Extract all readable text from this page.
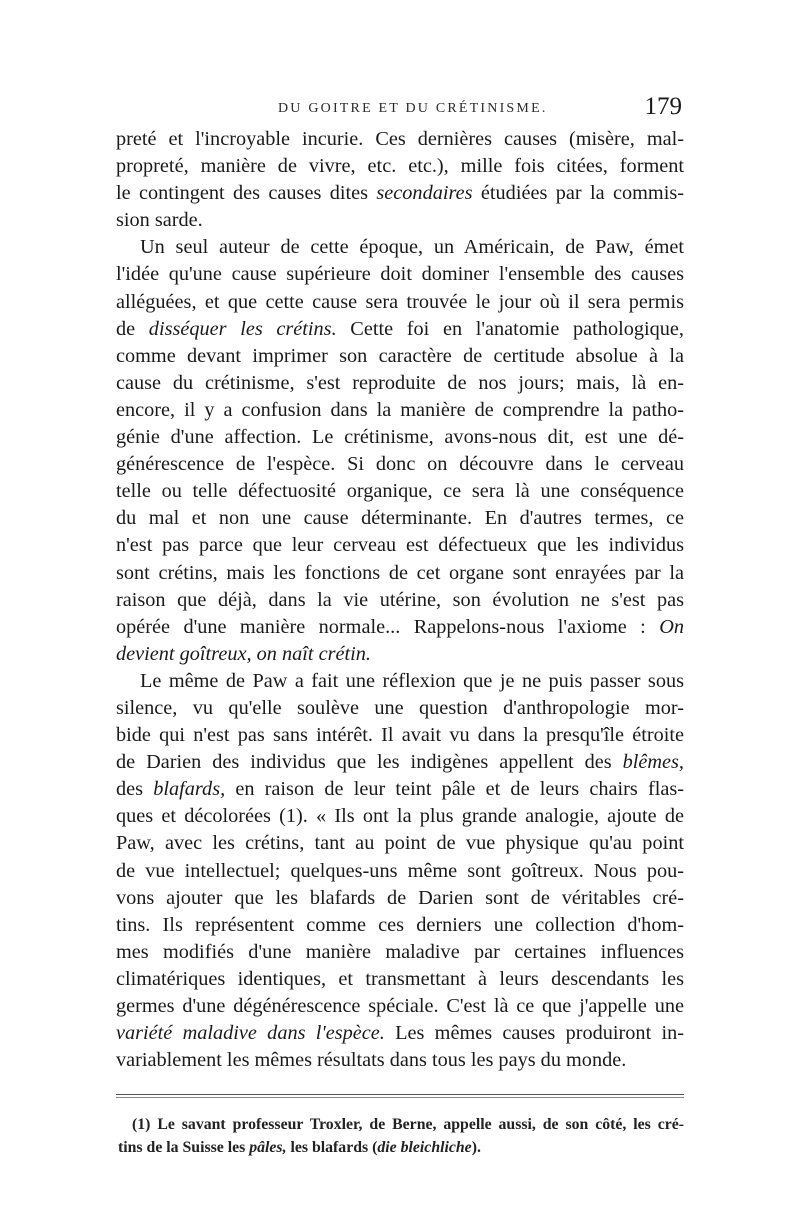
DU GOITRE ET DU CRÉTINISME.	179
preté et l'incroyable incurie. Ces dernières causes (misère, mal-
propreté, manière de vivre, etc. etc.), mille fois citées, forment
le contingent des causes dites secondaires étudiées par la commis-
sion sarde.
Un seul auteur de cette époque, un Américain, de Paw, émet
l'idée qu'une cause supérieure doit dominer l'ensemble des causes
alléguées, et que cette cause sera trouvée le jour où il sera permis
de disséquer les crétins. Cette foi en l'anatomie pathologique,
comme devant imprimer son caractère de certitude absolue à la
cause du crétinisme, s'est reproduite de nos jours; mais, là en-
encore, il y a confusion dans la manière de comprendre la patho-
génie d'une affection. Le crétinisme, avons-nous dit, est une dé-
générescence de l'espèce. Si donc on découvre dans le cerveau
telle ou telle défectuosité organique, ce sera là une conséquence
du mal et non une cause déterminante. En d'autres termes, ce
n'est pas parce que leur cerveau est défectueux que les individus
sont crétins, mais les fonctions de cet organe sont enrayées par la
raison que déjà, dans la vie utérine, son évolution ne s'est pas
opérée d'une manière normale... Rappelons-nous l'axiome : On
devient goîtreux, on naît crétin.
Le même de Paw a fait une réflexion que je ne puis passer sous
silence, vu qu'elle soulève une question d'anthropologie mor-
bide qui n'est pas sans intérêt. Il avait vu dans la presqu'île étroite
de Darien des individus que les indigènes appellent des blêmes,
des blafards, en raison de leur teint pâle et de leurs chairs flas-
ques et décolorées (1). « Ils ont la plus grande analogie, ajoute de
Paw, avec les crétins, tant au point de vue physique qu'au point
de vue intellectuel; quelques-uns même sont goîtreux. Nous pou-
vons ajouter que les blafards de Darien sont de véritables cré-
tins. Ils représentent comme ces derniers une collection d'hom-
mes modifiés d'une manière maladive par certaines influences
climatériques identiques, et transmettant à leurs descendants les
germes d'une dégénérescence spéciale. C'est là ce que j'appelle une
variété maladive dans l'espèce. Les mêmes causes produiront in-
variablement les mêmes résultats dans tous les pays du monde.
(1) Le savant professeur Troxler, de Berne, appelle aussi, de son côté, les cré-
tins de la Suisse les pâles, les blafards (die bleichliche).
